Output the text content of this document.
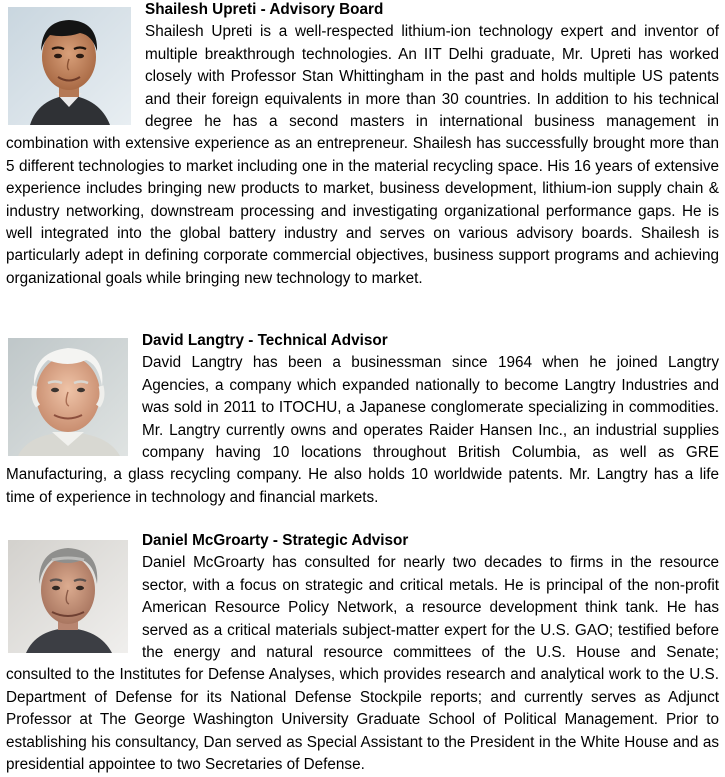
Shailesh Upreti - Advisory Board
Shailesh Upreti is a well-respected lithium-ion technology expert and inventor of multiple breakthrough technologies. An IIT Delhi graduate, Mr. Upreti has worked closely with Professor Stan Whittingham in the past and holds multiple US patents and their foreign equivalents in more than 30 countries. In addition to his technical degree he has a second masters in international business management in combination with extensive experience as an entrepreneur. Shailesh has successfully brought more than 5 different technologies to market including one in the material recycling space. His 16 years of extensive experience includes bringing new products to market, business development, lithium-ion supply chain & industry networking, downstream processing and investigating organizational performance gaps. He is well integrated into the global battery industry and serves on various advisory boards. Shailesh is particularly adept in defining corporate commercial objectives, business support programs and achieving organizational goals while bringing new technology to market.
David Langtry - Technical Advisor
David Langtry has been a businessman since 1964 when he joined Langtry Agencies, a company which expanded nationally to become Langtry Industries and was sold in 2011 to ITOCHU, a Japanese conglomerate specializing in commodities. Mr. Langtry currently owns and operates Raider Hansen Inc., an industrial supplies company having 10 locations throughout British Columbia, as well as GRE Manufacturing, a glass recycling company. He also holds 10 worldwide patents. Mr. Langtry has a life time of experience in technology and financial markets.
Daniel McGroarty - Strategic Advisor
Daniel McGroarty has consulted for nearly two decades to firms in the resource sector, with a focus on strategic and critical metals. He is principal of the non-profit American Resource Policy Network, a resource development think tank. He has served as a critical materials subject-matter expert for the U.S. GAO; testified before the energy and natural resource committees of the U.S. House and Senate; consulted to the Institutes for Defense Analyses, which provides research and analytical work to the U.S. Department of Defense for its National Defense Stockpile reports; and currently serves as Adjunct Professor at The George Washington University Graduate School of Political Management. Prior to establishing his consultancy, Dan served as Special Assistant to the President in the White House and as presidential appointee to two Secretaries of Defense.
